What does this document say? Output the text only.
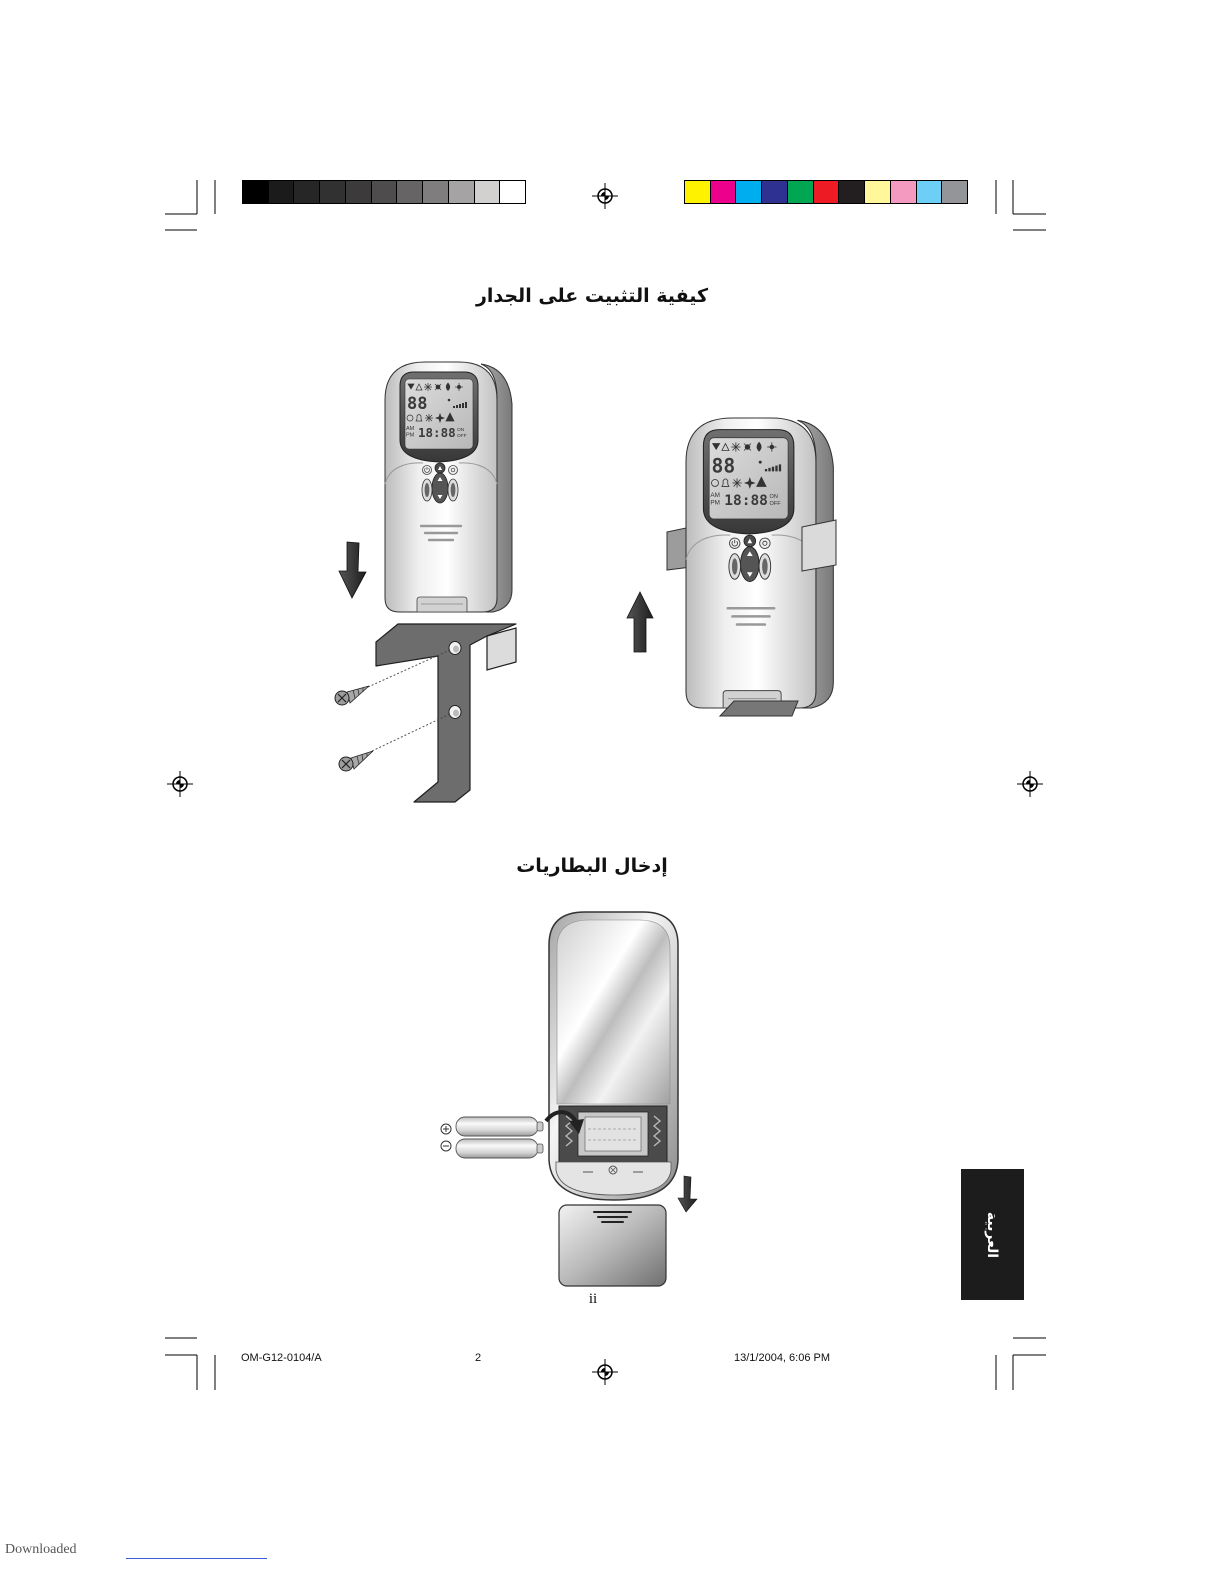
88
AM
PM 18:88 ON
OFF
88
AM
PM 18:88 ON
OFF
كيفية التثبيت على الجدار
إدخال البطاريات
العربية
ii
OM-G12-0104/A	2	13/1/2004, 6:06 PM
Downloaded
